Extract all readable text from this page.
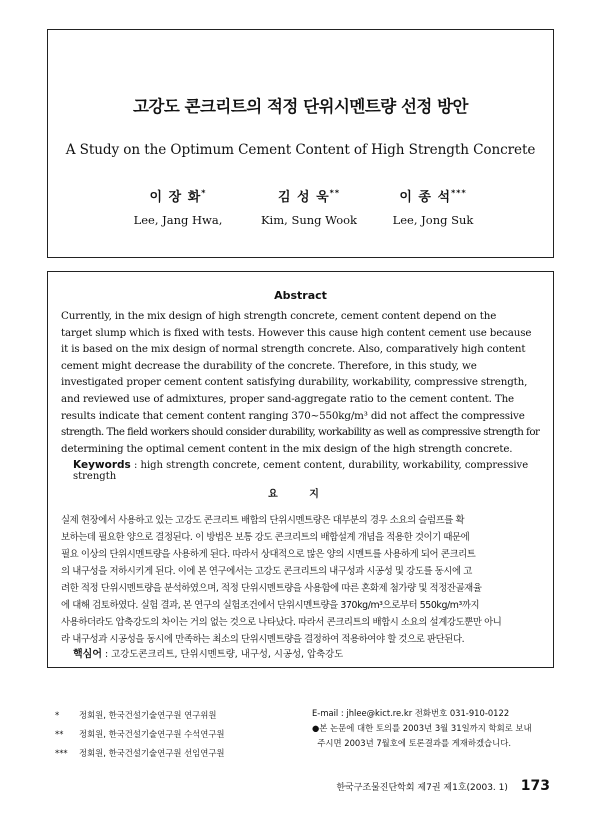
고강도 콘크리트의 적정 단위시멘트량 선정 방안
A Study on the Optimum Cement Content of High Strength Concrete
이 장 화*
Lee, Jang Hwa,
김 성 욱**
Kim, Sung Wook
이 종 석***
Lee, Jong Suk
Abstract
Currently, in the mix design of high strength concrete, cement content depend on the
target slump which is fixed with tests. However this cause high content cement use because
it is based on the mix design of normal strength concrete. Also, comparatively high content
cement might decrease the durability of the concrete. Therefore, in this study, we
investigated proper cement content satisfying durability, workability, compressive strength,
and reviewed use of admixtures, proper sand-aggregate ratio to the cement content. The
results indicate that cement content ranging 370~550kg/m³ did not affect the compressive
strength. The field workers should consider durability, workability as well as compressive strength for
determining the optimal cement content in the mix design of the high strength concrete.
Keywords : high strength concrete, cement content, durability, workability, compressive strength
요 지
실제 현장에서 사용하고 있는 고강도 콘크리트 배합의 단위시멘트량은 대부분의 경우 소요의 슬럼프를 확
보하는데 필요한 양으로 결정된다. 이 방법은 보통 강도 콘크리트의 배합설계 개념을 적용한 것이기 때문에
필요 이상의 단위시멘트량을 사용하게 된다. 따라서 상대적으로 많은 양의 시멘트를 사용하게 되어 콘크리트
의 내구성을 저하시키게 된다. 이에 본 연구에서는 고강도 콘크리트의 내구성과 시공성 및 강도를 동시에 고
려한 적정 단위시멘트량을 분석하였으며, 적정 단위시멘트량을 사용함에 따른 혼화제 첨가량 및 적정잔골재율
에 대해 검토하였다. 실험 결과, 본 연구의 실험조건에서 단위시멘트량을 370kg/m³으로부터 550kg/m³까지
사용하더라도 압축강도의 차이는 거의 없는 것으로 나타났다. 따라서 콘크리트의 배합시 소요의 설계강도뿐만 아니
라 내구성과 시공성을 동시에 만족하는 최소의 단위시멘트량을 결정하여 적용하여야 할 것으로 판단된다.
핵심어 : 고강도콘크리트, 단위시멘트량, 내구성, 시공성, 압축강도
* 정회원, 한국건설기술연구원 연구위원
** 정회원, 한국건설기술연구원 수석연구원
*** 정회원, 한국건설기술연구원 선임연구원
E-mail : jhlee@kict.re.kr 전화번호 031-910-0122
●본 논문에 대한 토의를 2003년 3월 31일까지 학회로 보내
주시면 2003년 7월호에 토론결과를 게재하겠습니다.
한국구조물진단학회 제7권 제1호(2003. 1) 173
